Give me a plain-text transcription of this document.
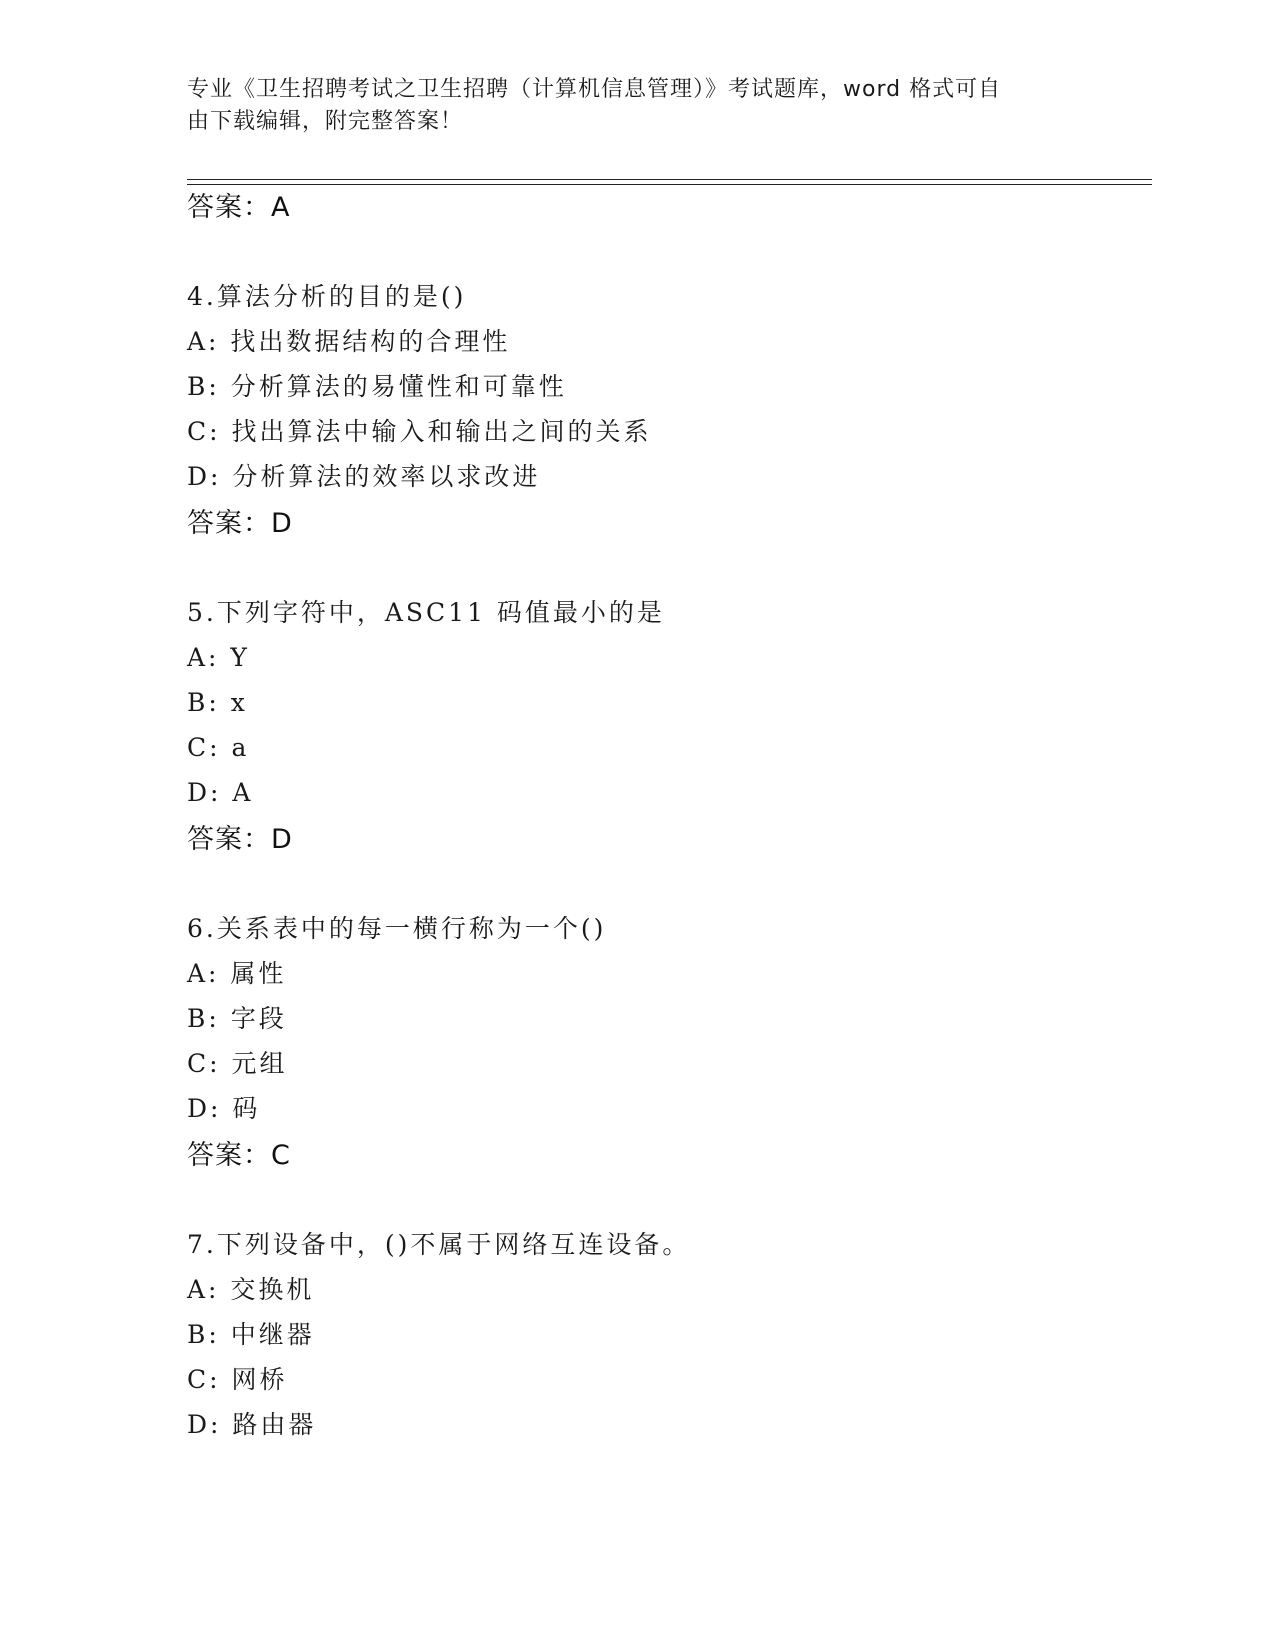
专业《卫生招聘考试之卫生招聘（计算机信息管理）》考试题库，word 格式可自
由下载编辑，附完整答案！
答案：A
4.算法分析的目的是()
A: 找出数据结构的合理性
B: 分析算法的易懂性和可靠性
C: 找出算法中输入和输出之间的关系
D: 分析算法的效率以求改进
答案：D
5.下列字符中，ASC11 码值最小的是
A: Y
B: x
C: a
D: A
答案：D
6.关系表中的每一横行称为一个()
A: 属性
B: 字段
C: 元组
D: 码
答案：C
7.下列设备中，()不属于网络互连设备。
A: 交换机
B: 中继器
C: 网桥
D: 路由器
